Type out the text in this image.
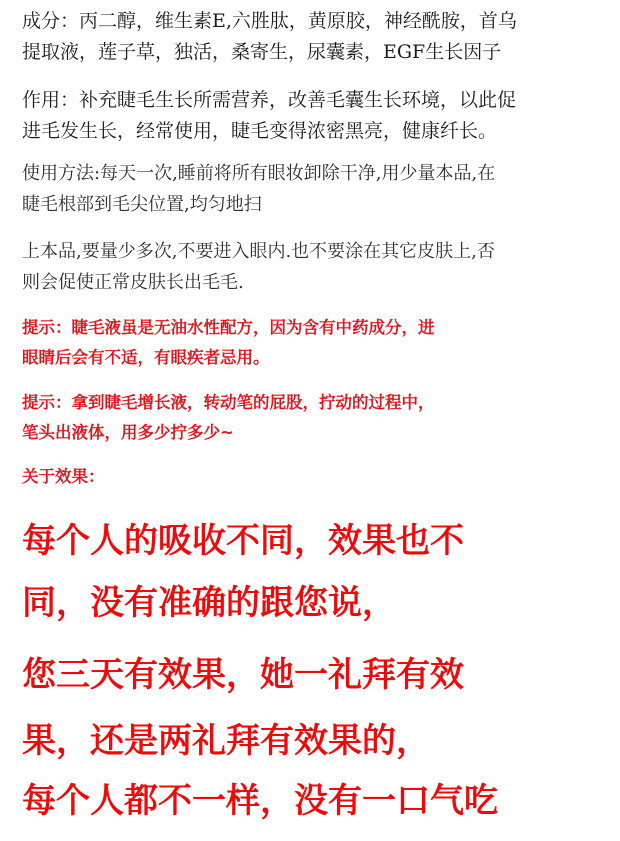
成分：丙二醇，维生素E,六胜肽，黄原胶，神经酰胺，首乌
提取液，莲子草，独活，桑寄生，尿囊素，EGF生长因子

作用：补充睫毛生长所需营养，改善毛囊生长环境，以此促
进毛发生长，经常使用，睫毛变得浓密黑亮，健康纤长。

使用方法:每天一次,睡前将所有眼妆卸除干净,用少量本品,在
睫毛根部到毛尖位置,均匀地扫

上本品,要量少多次,不要进入眼内.也不要涂在其它皮肤上,否
则会促使正常皮肤长出毛毛.

提示：睫毛液虽是无油水性配方，因为含有中药成分，进
眼睛后会有不适，有眼疾者忌用。

提示：拿到睫毛增长液，转动笔的屁股，拧动的过程中，
笔头出液体，用多少拧多少~

关于效果：

每个人的吸收不同，效果也不
同，没有准确的跟您说，

您三天有效果，她一礼拜有效
果，还是两礼拜有效果的，

每个人都不一样，没有一口气吃
